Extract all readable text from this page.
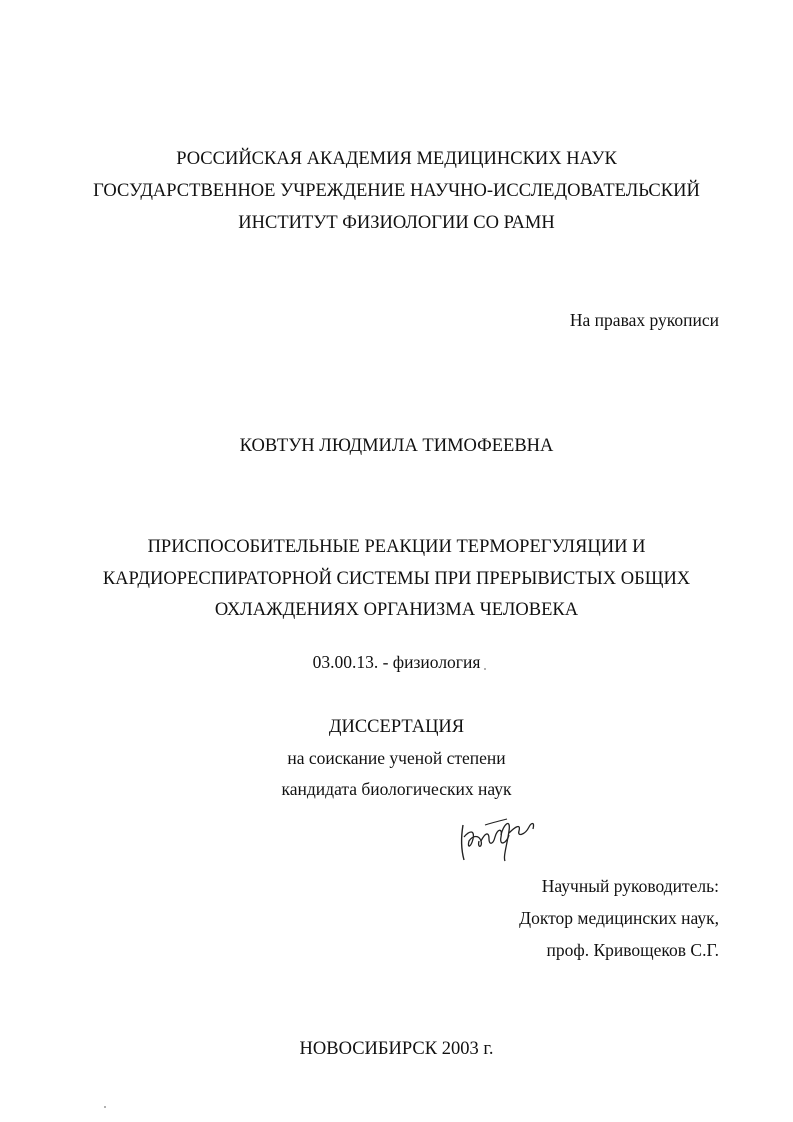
РОССИЙСКАЯ АКАДЕМИЯ МЕДИЦИНСКИХ НАУК
ГОСУДАРСТВЕННОЕ УЧРЕЖДЕНИЕ НАУЧНО-ИССЛЕДОВАТЕЛЬСКИЙ
ИНСТИТУТ ФИЗИОЛОГИИ СО РАМН
На правах рукописи
КОВТУН ЛЮДМИЛА ТИМОФЕЕВНА
ПРИСПОСОБИТЕЛЬНЫЕ РЕАКЦИИ ТЕРМОРЕГУЛЯЦИИ И
КАРДИОРЕСПИРАТОРНОЙ СИСТЕМЫ ПРИ ПРЕРЫВИСТЫХ ОБЩИХ
ОХЛАЖДЕНИЯХ ОРГАНИЗМА ЧЕЛОВЕКА
03.00.13. - физиология
ДИССЕРТАЦИЯ
на соискание ученой степени
кандидата биологических наук
Научный руководитель:
Доктор медицинских наук,
проф. Кривощеков С.Г.
НОВОСИБИРСК 2003 г.
